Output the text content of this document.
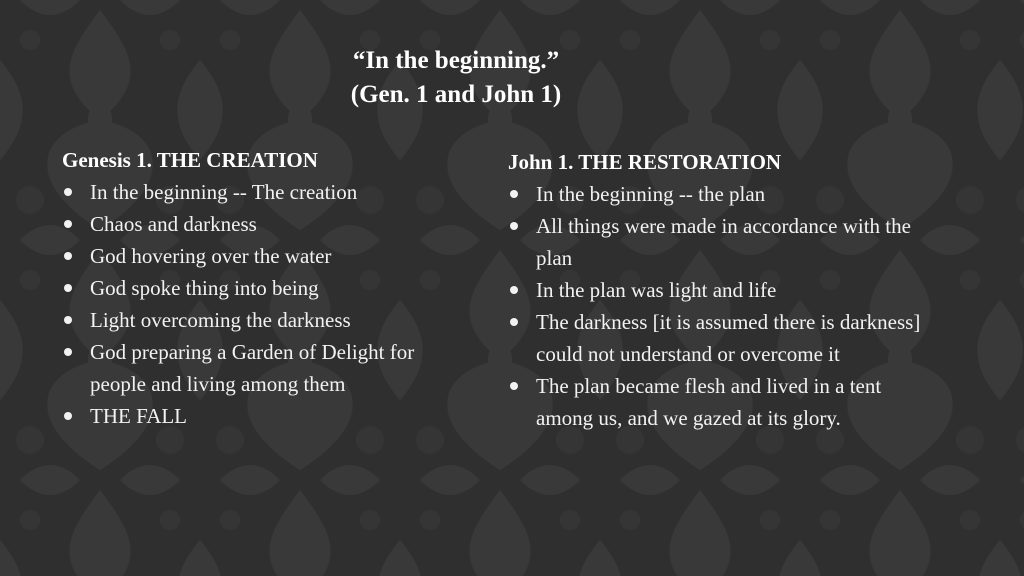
“In the beginning.”
(Gen. 1 and John 1)
Genesis 1. THE CREATION
In the beginning -- The creation
Chaos and darkness
God hovering over the water
God spoke thing into being
Light overcoming the darkness
God preparing a Garden of Delight for people and living among them
THE FALL
John 1. THE RESTORATION
In the beginning -- the plan
All things were made in accordance with the plan
In the plan was light and life
The darkness [it is assumed there is darkness] could not understand or overcome it
The plan became flesh and lived in a tent among us, and we gazed at its glory.
